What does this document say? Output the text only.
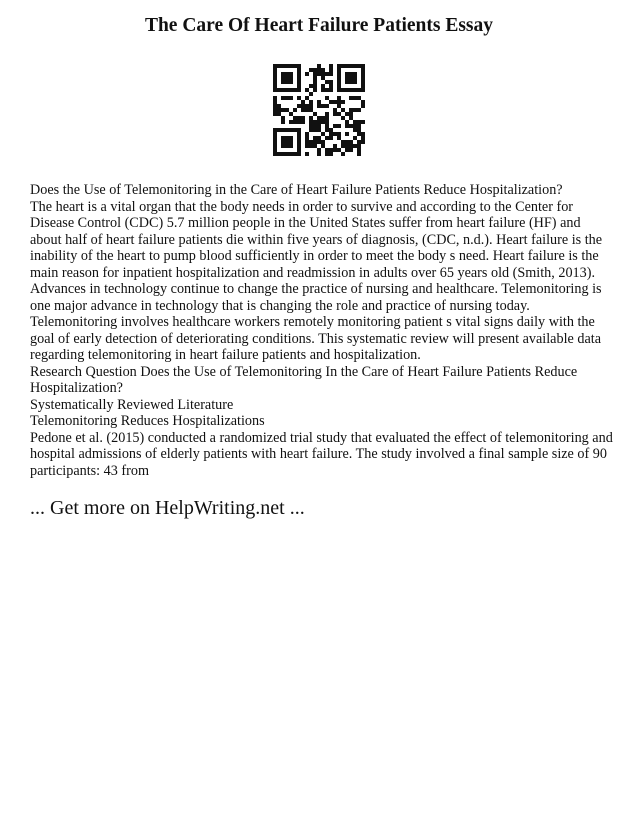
The Care Of Heart Failure Patients Essay

Does the Use of Telemonitoring in the Care of Heart Failure Patients Reduce Hospitalization?

The heart is a vital organ that the body needs in order to survive and according to the Center for Disease Control (CDC) 5.7 million people in the United States suffer from heart failure (HF) and about half of heart failure patients die within five years of diagnosis, (CDC, n.d.). Heart failure is the inability of the heart to pump blood sufficiently in order to meet the body s need. Heart failure is the main reason for inpatient hospitalization and readmission in adults over 65 years old (Smith, 2013).

Advances in technology continue to change the practice of nursing and healthcare. Telemonitoring is one major advance in technology that is changing the role and practice of nursing today. Telemonitoring involves healthcare workers remotely monitoring patient s vital signs daily with the goal of early detection of deteriorating conditions. This systematic review will present available data regarding telemonitoring in heart failure patients and hospitalization.

Research Question Does the Use of Telemonitoring In the Care of Heart Failure Patients Reduce Hospitalization?

Systematically Reviewed Literature

Telemonitoring Reduces Hospitalizations

Pedone et al. (2015) conducted a randomized trial study that evaluated the effect of telemonitoring and hospital admissions of elderly patients with heart failure. The study involved a final sample size of 90 participants: 43 from

... Get more on HelpWriting.net ...
